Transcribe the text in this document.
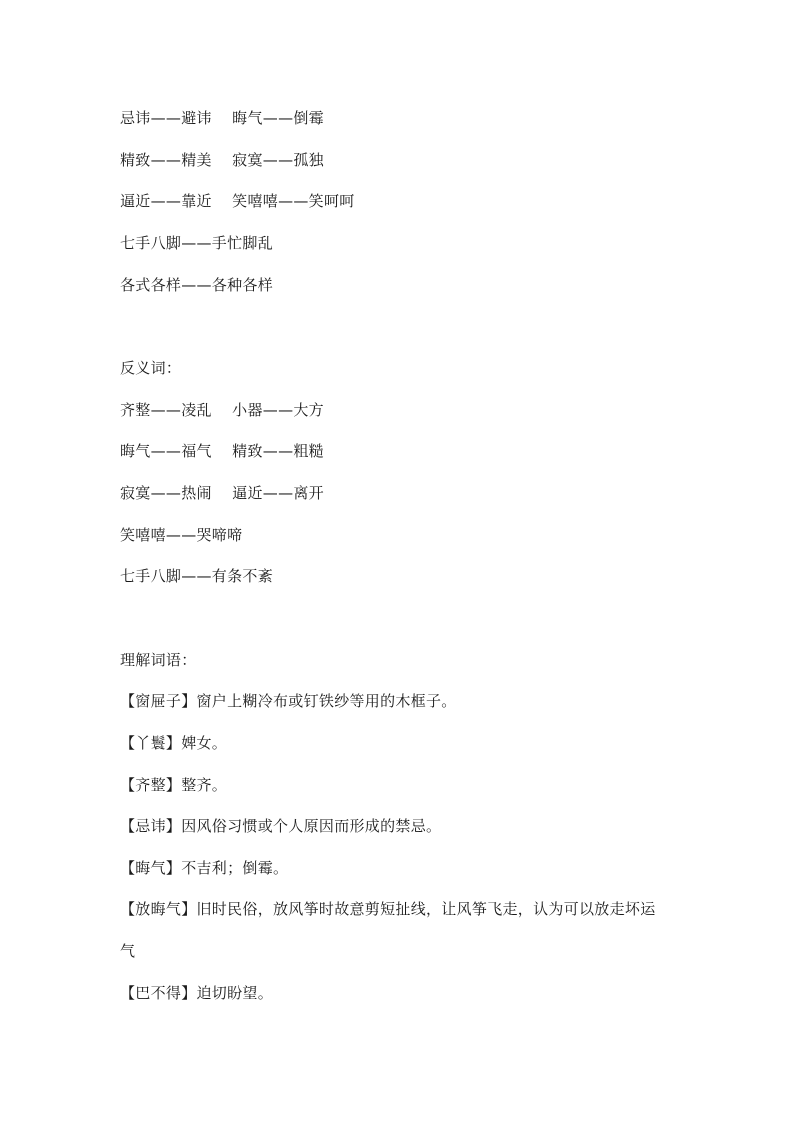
忌讳——避讳　 晦气——倒霉
精致——精美　 寂寞——孤独
逼近——靠近　 笑嘻嘻——笑呵呵
七手八脚——手忙脚乱
各式各样——各种各样
反义词：
齐整——凌乱　 小器——大方
晦气——福气　 精致——粗糙
寂寞——热闹　 逼近——离开
笑嘻嘻——哭啼啼
七手八脚——有条不紊
理解词语：
【窗屉子】窗户上糊冷布或钉铁纱等用的木框子。
【丫鬟】婢女。
【齐整】整齐。
【忌讳】因风俗习惯或个人原因而形成的禁忌。
【晦气】不吉利；倒霉。
【放晦气】旧时民俗，放风筝时故意剪短扯线，让风筝飞走，认为可以放走坏运
气
【巴不得】迫切盼望。
